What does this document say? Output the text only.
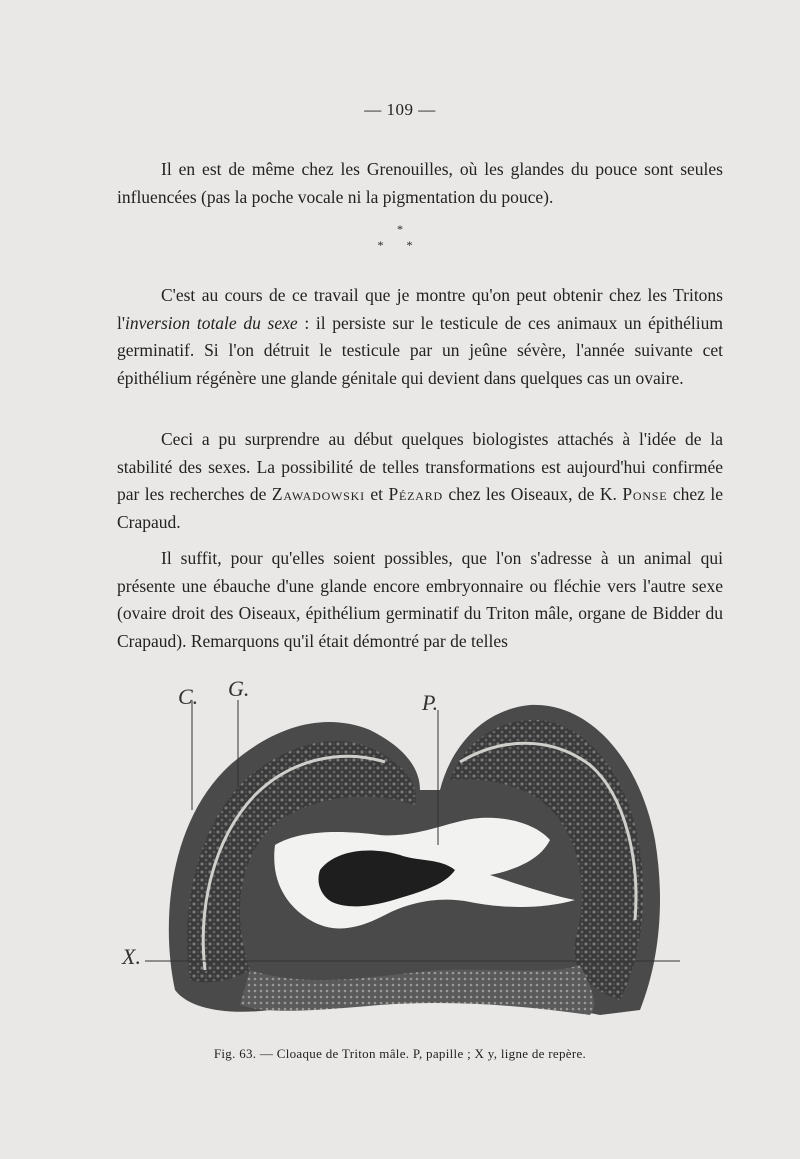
— 109 —

Il en est de même chez les Grenouilles, où les glandes du pouce sont seules influencées (pas la poche vocale ni la pigmentation du pouce).

*
* *

C'est au cours de ce travail que je montre qu'on peut obtenir chez les Tritons l'inversion totale du sexe : il persiste sur le testicule de ces animaux un épithélium germinatif. Si l'on détruit le testicule par un jeûne sévère, l'année suivante cet épithélium régénère une glande génitale qui devient dans quelques cas un ovaire.

Ceci a pu surprendre au début quelques biologistes attachés à l'idée de la stabilité des sexes. La possibilité de telles transformations est aujourd'hui confirmée par les recherches de Zawadowski et Pézard chez les Oiseaux, de K. Ponse chez le Crapaud.

Il suffit, pour qu'elles soient possibles, que l'on s'adresse à un animal qui présente une ébauche d'une glande encore embryonnaire ou fléchie vers l'autre sexe (ovaire droit des Oiseaux, épithélium germinatif du Triton mâle, organe de Bidder du Crapaud). Remarquons qu'il était démontré par de telles

C. G.
P.
X.
Fig. 63. — Cloaque de Triton mâle. P, papille ; X y, ligne de repère.
